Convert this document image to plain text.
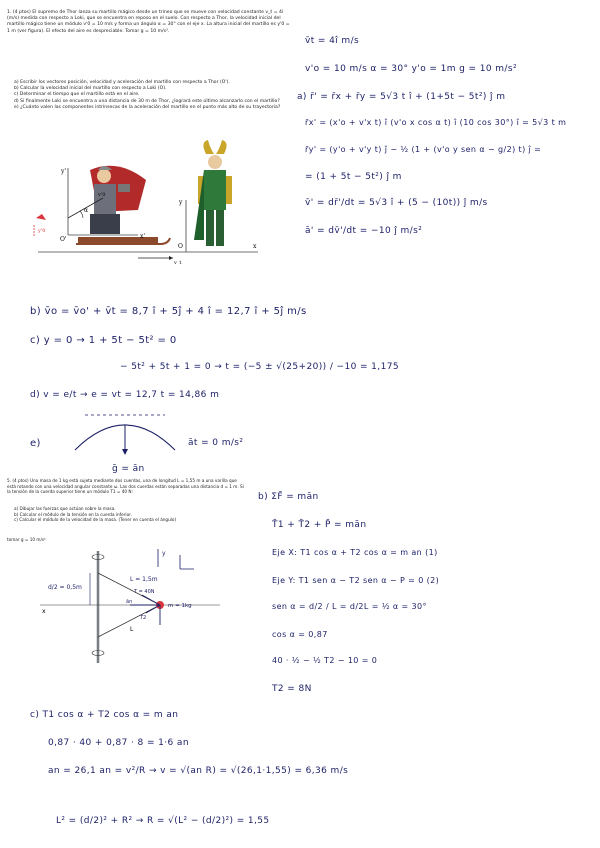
1. (4 ptos) El supremo de Thor lanza su martillo mágico desde un trineo que se mueve con velocidad constante v_t = 4i (m/s) medida con respecto a Loki, que se encuentra en reposo en el suelo. Con respecto a Thor, la velocidad inicial del martillo mágico tiene un módulo v'0 = 10 m/s y forma un ángulo α = 30° con el eje x. La altura inicial del martillo es y'0 = 1 m (ver figura). El efecto del aire es despreciable. Tomar g = 10 m/s².
a) Escribir los vectores posición, velocidad y aceleración del martillo con respecto a Thor (O').
b) Calcular la velocidad inicial del martillo con respecto a Loki (O).
c) Determinar el tiempo que el martillo está en el aire.
d) Si finalmente Loki se encuentra a una distancia de 30 m de Thor, ¿logrará este último alcanzarlo con el martillo?
e) ¿Cuánto valen las componentes intrínsecas de la aceleración del martillo en el punto más alto de su trayectoria?
y'
x'
v'0
α
O'
y'0
y
O	x
v_t
v̄t = 4î m/s
v'o = 10 m/s α = 30° y'o = 1m g = 10 m/s²
a) r̄' = r̄x + r̄y = 5√3 t î + (1+5t − 5t²) ĵ m
r̄x' = (x'o + v'x t) î (v'o x cos α t) î (10 cos 30°) î = 5√3 t m
r̄y' = (y'o + v'y t) ĵ − ½ (1 + (v'o y sen α − g/2) t) ĵ =
= (1 + 5t − 5t²) ĵ m
v̄' = dr̄'/dt = 5√3 î + (5 − (10t)) ĵ m/s
ā' = dv̄'/dt = −10 ĵ m/s²
b) v̄o = v̄o' + v̄t = 8,7 î + 5ĵ + 4 î = 12,7 î + 5ĵ m/s
c) y = 0 → 1 + 5t − 5t² = 0
− 5t² + 5t + 1 = 0 → t = (−5 ± √(25+20)) / −10 = 1,175
d) v = e/t → e = vt = 12,7 t = 14,86 m
e)	āt = 0 m/s²
ḡ = ān
5. (4 ptos) Una masa de 1 kg está sujeta mediante dos cuerdas, una de longitud L = 1,55 m a una varilla que está rotando con una velocidad angular constante ω. Las dos cuerdas están separadas una distancia d = 1 m. Si la tensión de la cuerda superior tiene un módulo T1 = 40 N:
a) Dibujar las fuerzas que actúan sobre la masa.
b) Calcular el módulo de la tensión en la cuerda inferior.
c) Calcular el módulo de la velocidad de la masa. (Tener en cuenta el ángulo)
tomar g = 10 m/s²
d/2 = 0,5m
L = 1,5m
T = 40N
ān
m = 1kg
T2
L
y
x
b) ΣF̄ = mān
T̄1 + T̄2 + P̄ = mān
Eje X: T1 cos α + T2 cos α = m an (1)
Eje Y: T1 sen α − T2 sen α − P = 0 (2)
sen α = d/2 / L = d/2L = ½ α = 30°
cos α = 0,87
40 · ½ − ½ T2 − 10 = 0
T2 = 8N
c) T1 cos α + T2 cos α = m an
0,87 · 40 + 0,87 · 8 = 1·6 an
an = 26,1 an = v²/R → v = √(an R) = √(26,1·1,55) = 6,36 m/s
L² = (d/2)² + R² → R = √(L² − (d/2)²) = 1,55
